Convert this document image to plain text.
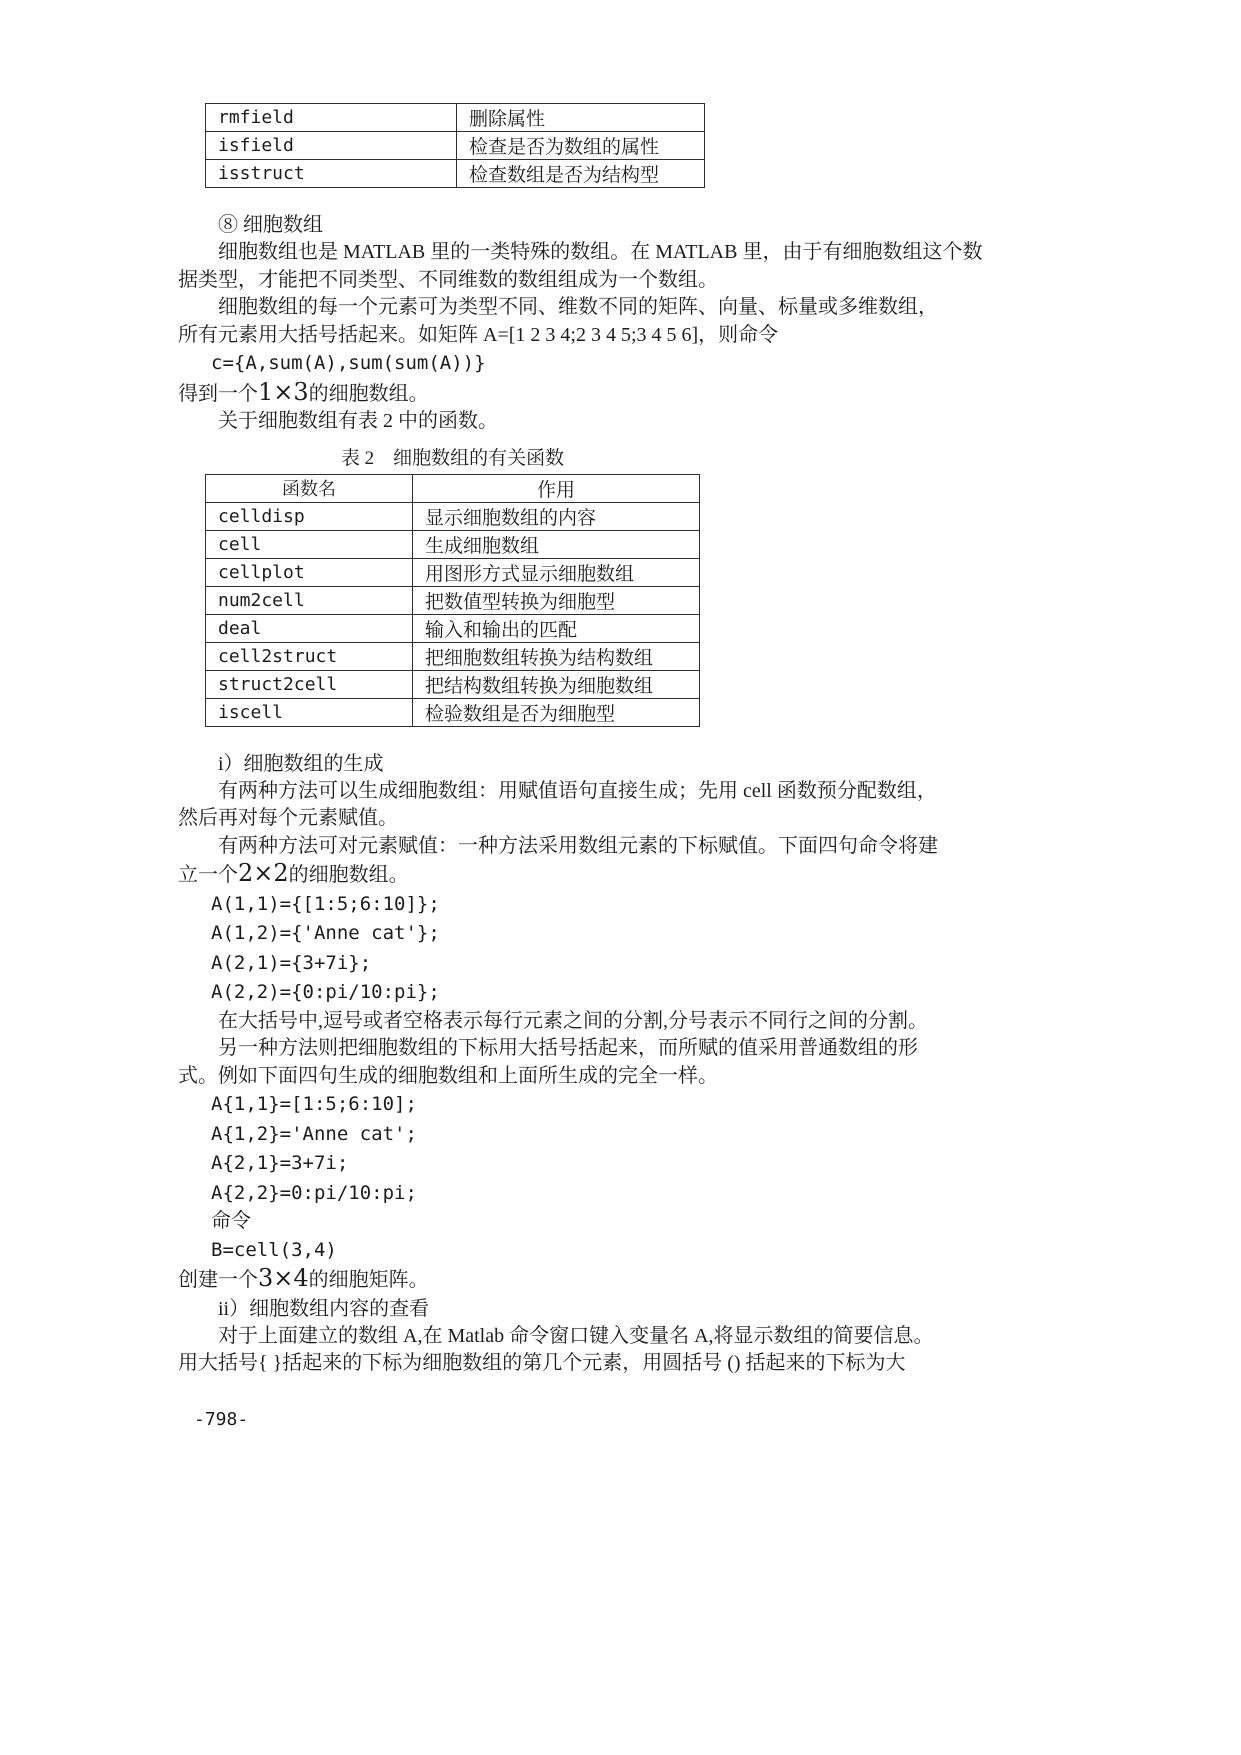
rmfield	删除属性
isfield	检查是否为数组的属性
isstruct	检查数组是否为结构型
⑧ 细胞数组
细胞数组也是 MATLAB 里的一类特殊的数组。在 MATLAB 里，由于有细胞数组这个数
据类型，才能把不同类型、不同维数的数组组成为一个数组。
细胞数组的每一个元素可为类型不同、维数不同的矩阵、向量、标量或多维数组，
所有元素用大括号括起来。如矩阵 A=[1 2 3 4;2 3 4 5;3 4 5 6]，则命令
c={A,sum(A),sum(sum(A))}
得到一个1×3的细胞数组。
关于细胞数组有表 2 中的函数。
表 2　细胞数组的有关函数
函数名	作用
celldisp	显示细胞数组的内容
cell	生成细胞数组
cellplot	用图形方式显示细胞数组
num2cell	把数值型转换为细胞型
deal	输入和输出的匹配
cell2struct	把细胞数组转换为结构数组
struct2cell	把结构数组转换为细胞数组
iscell	检验数组是否为细胞型
i）细胞数组的生成
有两种方法可以生成细胞数组：用赋值语句直接生成；先用 cell 函数预分配数组，
然后再对每个元素赋值。
有两种方法可对元素赋值：一种方法采用数组元素的下标赋值。下面四句命令将建
立一个2×2的细胞数组。
A(1,1)={[1:5;6:10]};
A(1,2)={'Anne cat'};
A(2,1)={3+7i};
A(2,2)={0:pi/10:pi};
在大括号中,逗号或者空格表示每行元素之间的分割,分号表示不同行之间的分割。
另一种方法则把细胞数组的下标用大括号括起来，而所赋的值采用普通数组的形
式。例如下面四句生成的细胞数组和上面所生成的完全一样。
A{1,1}=[1:5;6:10];
A{1,2}='Anne cat';
A{2,1}=3+7i;
A{2,2}=0:pi/10:pi;
命令
B=cell(3,4)
创建一个3×4的细胞矩阵。
ii）细胞数组内容的查看
对于上面建立的数组 A,在 Matlab 命令窗口键入变量名 A,将显示数组的简要信息。
用大括号{ }括起来的下标为细胞数组的第几个元素，用圆括号 () 括起来的下标为大
-798-
